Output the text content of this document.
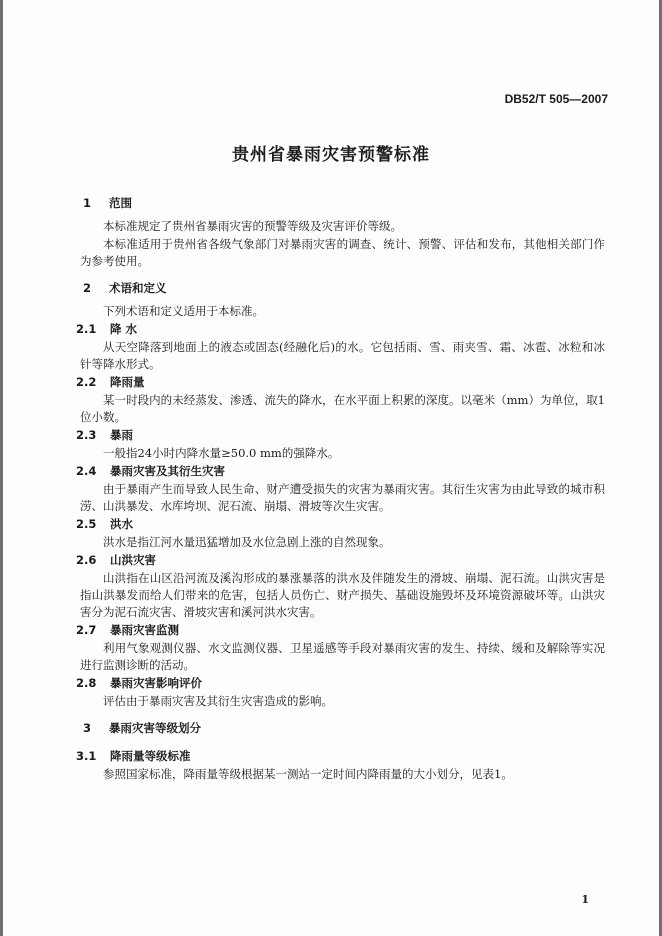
DB52/T 505—2007
贵州省暴雨灾害预警标准
1	范围

本标准规定了贵州省暴雨灾害的预警等级及灾害评价等级。

本标准适用于贵州省各级气象部门对暴雨灾害的调查、统计、预警、评估和发布，其他相关部门作为参考使用。

2	术语和定义

下列术语和定义适用于本标准。

2.1	降 水

从天空降落到地面上的液态或固态(经融化后)的水。它包括雨、雪、雨夹雪、霜、冰雹、冰粒和冰针等降水形式。

2.2	降雨量

某一时段内的未经蒸发、渗透、流失的降水，在水平面上积累的深度。以毫米（mm）为单位，取1位小数。

2.3	暴雨

一般指24小时内降水量≥50.0 mm的强降水。

2.4	暴雨灾害及其衍生灾害

由于暴雨产生而导致人民生命、财产遭受损失的灾害为暴雨灾害。其衍生灾害为由此导致的城市积涝、山洪暴发、水库垮坝、泥石流、崩塌、滑坡等次生灾害。

2.5	洪水

洪水是指江河水量迅猛增加及水位急剧上涨的自然现象。

2.6	山洪灾害

山洪指在山区沿河流及溪沟形成的暴涨暴落的洪水及伴随发生的滑坡、崩塌、泥石流。山洪灾害是指山洪暴发而给人们带来的危害，包括人员伤亡、财产损失、基础设施毁坏及环境资源破坏等。山洪灾害分为泥石流灾害、滑坡灾害和溪河洪水灾害。

2.7	暴雨灾害监测

利用气象观测仪器、水文监测仪器、卫星遥感等手段对暴雨灾害的发生、持续、缓和及解除等实况进行监测诊断的活动。

2.8	暴雨灾害影响评价

评估由于暴雨灾害及其衍生灾害造成的影响。

3	暴雨灾害等级划分
3.1	降雨量等级标准

参照国家标准，降雨量等级根据某一测站一定时间内降雨量的大小划分，见表1。

1
